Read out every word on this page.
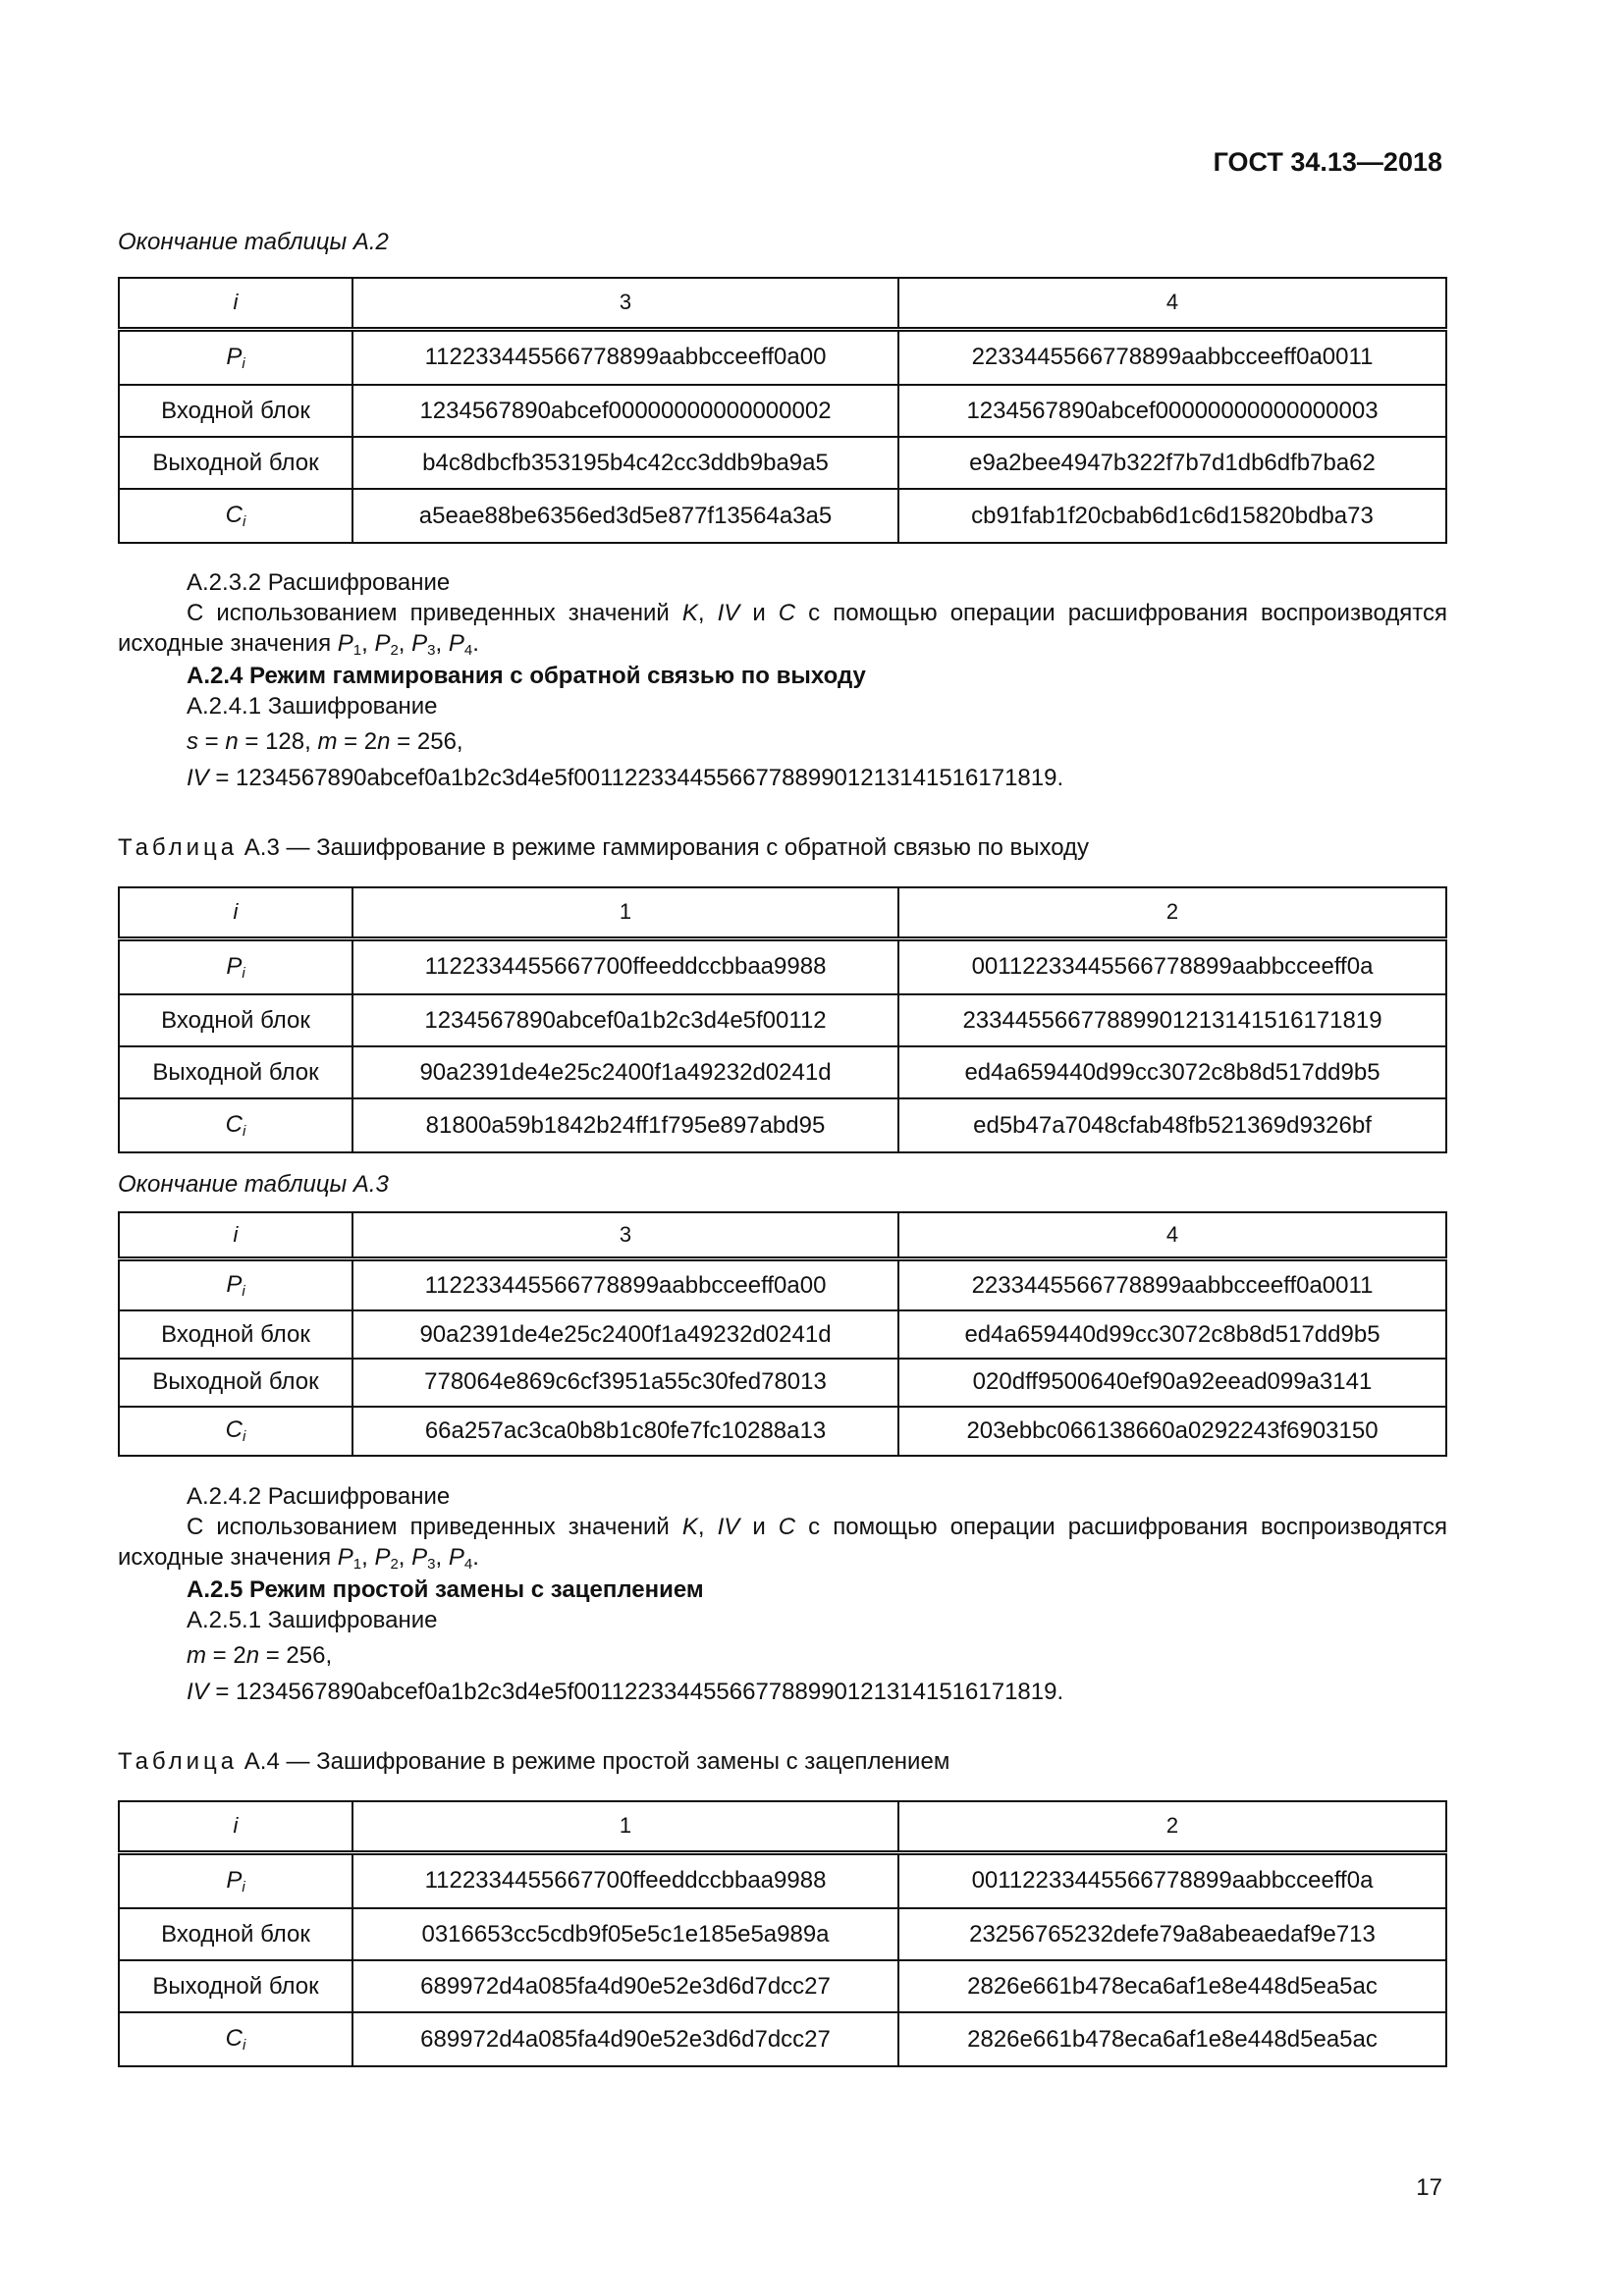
ГОСТ 34.13—2018
Окончание таблицы А.2
i	3	4
$P_i$	112233445566778899aabbcceeff0a00	2233445566778899aabbcceeff0a0011
Входной блок	1234567890abcef00000000000000002	1234567890abcef00000000000000003
Выходной блок	b4c8dbcfb353195b4c42cc3ddb9ba9a5	e9a2bee4947b322f7b7d1db6dfb7ba62
$C_i$	a5eae88be6356ed3d5e877f13564a3a5	cb91fab1f20cbab6d1c6d15820bdba73
А.2.3.2 Расшифрование
С использованием приведенных значений K, IV и C с помощью операции расшифрования воспроизводятся исходные значения $P_1$, $P_2$, $P_3$, $P_4$.
А.2.4 Режим гаммирования с обратной связью по выходу
А.2.4.1 Зашифрование
s = n = 128, m = 2n = 256,
IV = 1234567890abcef0a1b2c3d4e5f0011223344556677889901213141516171819.
Таблица А.3 — Зашифрование в режиме гаммирования с обратной связью по выходу
i	1	2
$P_i$	1122334455667700ffeeddccbbaa9988	00112233445566778899aabbcceeff0a
Входной блок	1234567890abcef0a1b2c3d4e5f00112	23344556677889901213141516171819
Выходной блок	90a2391de4e25c2400f1a49232d0241d	ed4a659440d99cc3072c8b8d517dd9b5
$C_i$	81800a59b1842b24ff1f795e897abd95	ed5b47a7048cfab48fb521369d9326bf
Окончание таблицы А.3
i	3	4
$P_i$	112233445566778899aabbcceeff0a00	2233445566778899aabbcceeff0a0011
Входной блок	90a2391de4e25c2400f1a49232d0241d	ed4a659440d99cc3072c8b8d517dd9b5
Выходной блок	778064e869c6cf3951a55c30fed78013	020dff9500640ef90a92eead099a3141
$C_i$	66a257ac3ca0b8b1c80fe7fc10288a13	203ebbc066138660a0292243f6903150
А.2.4.2 Расшифрование
С использованием приведенных значений K, IV и C с помощью операции расшифрования воспроизводятся исходные значения $P_1$, $P_2$, $P_3$, $P_4$.
А.2.5 Режим простой замены с зацеплением
А.2.5.1 Зашифрование
m = 2n = 256,
IV = 1234567890abcef0a1b2c3d4e5f0011223344556677889901213141516171819.
Таблица А.4 — Зашифрование в режиме простой замены с зацеплением
i	1	2
$P_i$	1122334455667700ffeeddccbbaa9988	00112233445566778899aabbcceeff0a
Входной блок	0316653cc5cdb9f05e5c1e185e5a989a	23256765232defe79a8abeaedaf9e713
Выходной блок	689972d4a085fa4d90e52e3d6d7dcc27	2826e661b478eca6af1e8e448d5ea5ac
$C_i$	689972d4a085fa4d90e52e3d6d7dcc27	2826e661b478eca6af1e8e448d5ea5ac
17
